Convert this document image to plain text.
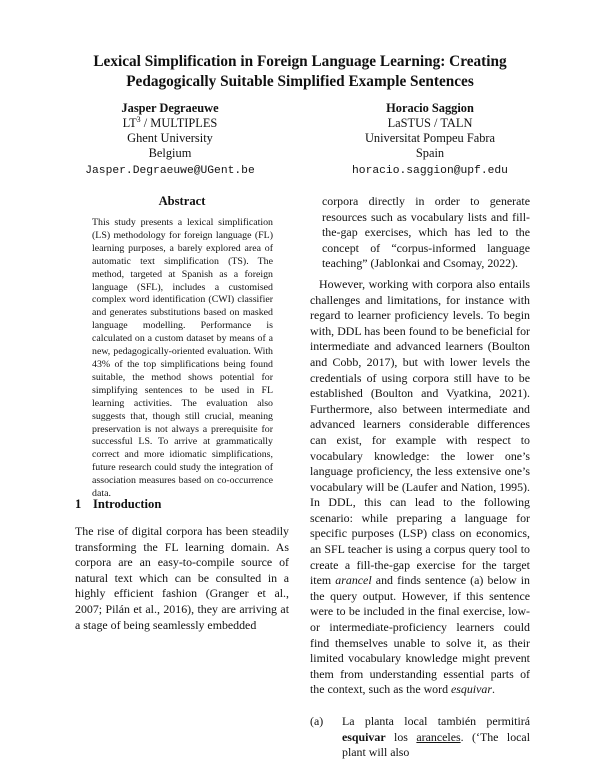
Lexical Simplification in Foreign Language Learning: Creating
Pedagogically Suitable Simplified Example Sentences
Jasper Degraeuwe
$LT^3$ / MULTIPLES
Ghent University
Belgium
Jasper.Degraeuwe@UGent.be
Horacio Saggion
LaSTUS / TALN
Universitat Pompeu Fabra
Spain
horacio.saggion@upf.edu
Abstract
This study presents a lexical simplification (LS) methodology for foreign language (FL) learning purposes, a barely explored area of automatic text simplification (TS). The method, targeted at Spanish as a foreign language (SFL), includes a customised complex word identification (CWI) classifier and generates substitutions based on masked language modelling. Performance is calculated on a custom dataset by means of a new, pedagogically-oriented evaluation. With 43% of the top simplifications being found suitable, the method shows potential for simplifying sentences to be used in FL learning activities. The evaluation also suggests that, though still crucial, meaning preservation is not always a prerequisite for successful LS. To arrive at grammatically correct and more idiomatic simplifications, future research could study the integration of association measures based on co-occurrence data.
1 Introduction
The rise of digital corpora has been steadily transforming the FL learning domain. As corpora are an easy-to-compile source of natural text which can be consulted in a highly efficient fashion (Granger et al., 2007; Pilán et al., 2016), they are arriving at a stage of being seamlessly embedded

corpora directly in order to generate resources such as vocabulary lists and fill-the-gap exercises, which has led to the concept of “corpus-informed language teaching” (Jablonkai and Csomay, 2022).

However, working with corpora also entails challenges and limitations, for instance with regard to learner proficiency levels. To begin with, DDL has been found to be beneficial for intermediate and advanced learners (Boulton and Cobb, 2017), but with lower levels the credentials of using corpora still have to be established (Boulton and Vyatkina, 2021). Furthermore, also between intermediate and advanced learners considerable differences can exist, for example with respect to vocabulary knowledge: the lower one’s language proficiency, the less extensive one’s vocabulary will be (Laufer and Nation, 1995). In DDL, this can lead to the following scenario: while preparing a language for specific purposes (LSP) class on economics, an SFL teacher is using a corpus query tool to create a fill-the-gap exercise for the target item arancel and finds sentence (a) below in the query output. However, if this sentence were to be included in the final exercise, low- or intermediate-proficiency learners could find themselves unable to solve it, as their limited vocabulary knowledge might prevent them from understanding essential parts of the context, such as the word esquivar.

(a)	La planta local también permitirá esquivar los aranceles. (‘The local plant will also
